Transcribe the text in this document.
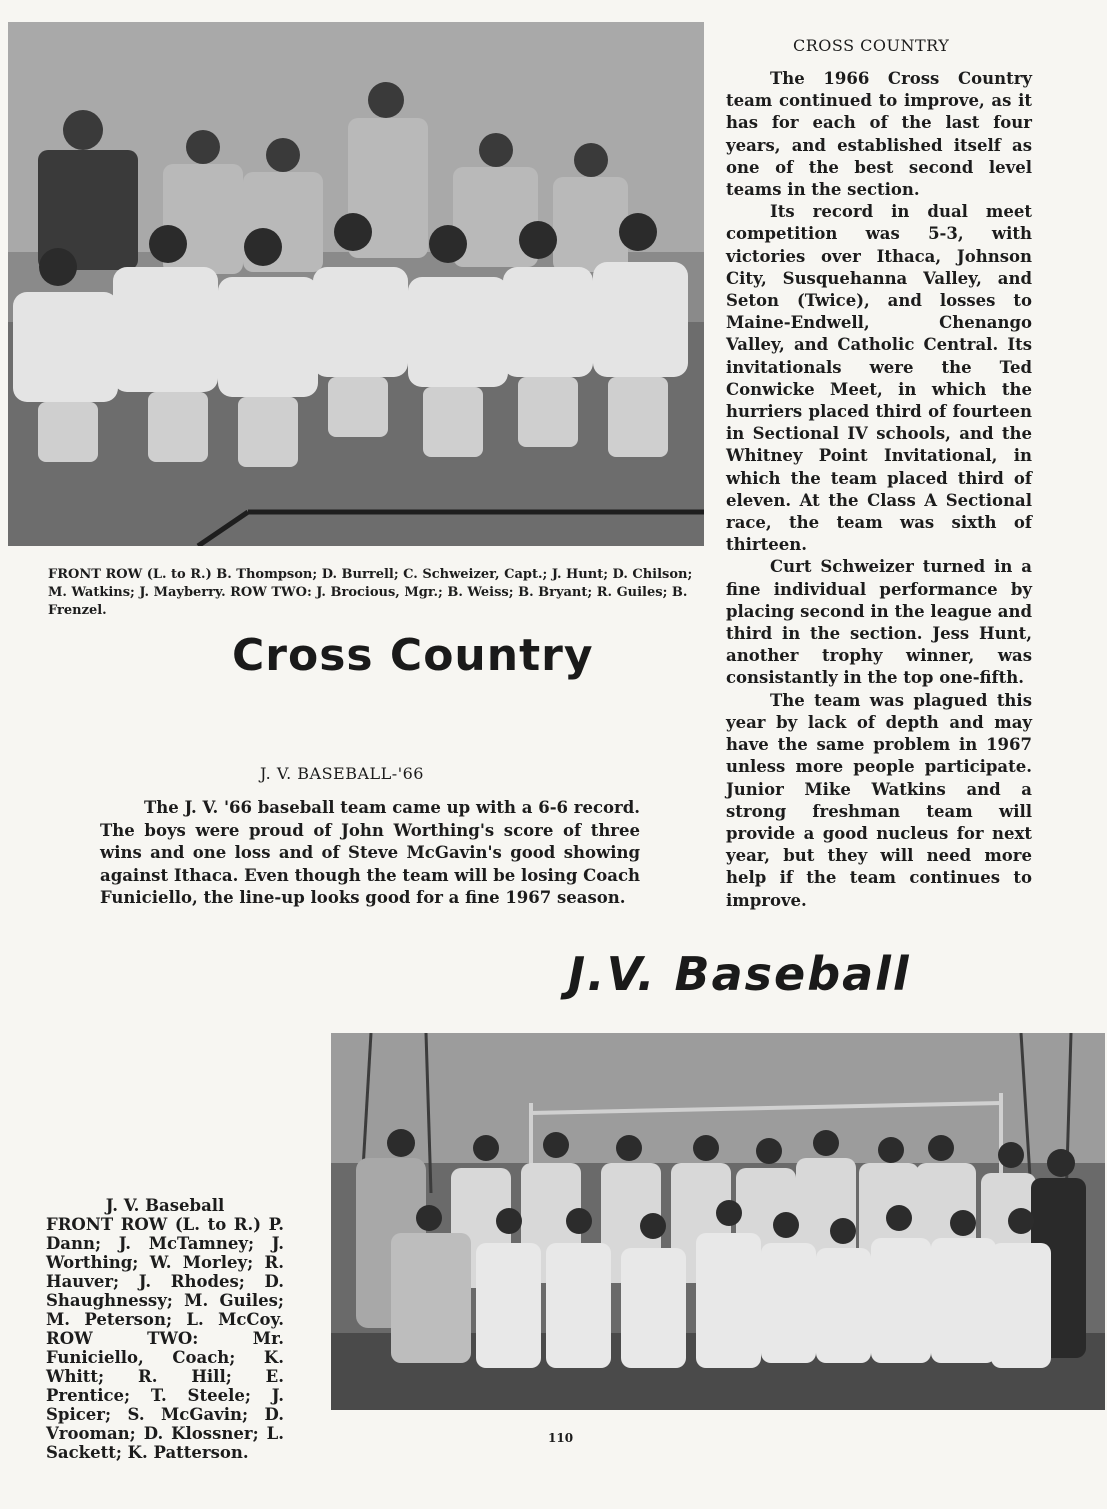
FRONT ROW (L. to R.) B. Thompson; D. Burrell; C. Schweizer, Capt.; J. Hunt; D. Chilson; M. Watkins; J. Mayberry. ROW TWO: J. Brocious, Mgr.; B. Weiss; B. Bryant; R. Guiles; B. Frenzel.
Cross Country
CROSS COUNTRY

The 1966 Cross Country team continued to improve, as it has for each of the last four years, and established itself as one of the best second level teams in the section.

Its record in dual meet competition was 5-3, with victories over Ithaca, Johnson City, Susquehanna Valley, and Seton (Twice), and losses to Maine-Endwell, Chenango Valley, and Catholic Central. Its invitationals were the Ted Conwicke Meet, in which the hurriers placed third of fourteen in Sectional IV schools, and the Whitney Point Invitational, in which the team placed third of eleven. At the Class A Sectional race, the team was sixth of thirteen.

Curt Schweizer turned in a fine individual performance by placing second in the league and third in the section. Jess Hunt, another trophy winner, was consistantly in the top one-fifth.

The team was plagued this year by lack of depth and may have the same problem in 1967 unless more people participate. Junior Mike Watkins and a strong freshman team will provide a good nucleus for next year, but they will need more help if the team continues to improve.

J. V. BASEBALL-'66

The J. V. '66 baseball team came up with a 6-6 record. The boys were proud of John Worthing's score of three wins and one loss and of Steve McGavin's good showing against Ithaca. Even though the team will be losing Coach Funiciello, the line-up looks good for a fine 1967 season.

J.V. Baseball
J. V. Baseball
FRONT ROW (L. to R.) P. Dann; J. McTamney; J. Worthing; W. Morley; R. Hauver; J. Rhodes; D. Shaughnessy; M. Guiles; M. Peterson; L. McCoy. ROW TWO: Mr. Funiciello, Coach; K. Whitt; R. Hill; E. Prentice; T. Steele; J. Spicer; S. McGavin; D. Vrooman; D. Klossner; L. Sackett; K. Patterson.
110
